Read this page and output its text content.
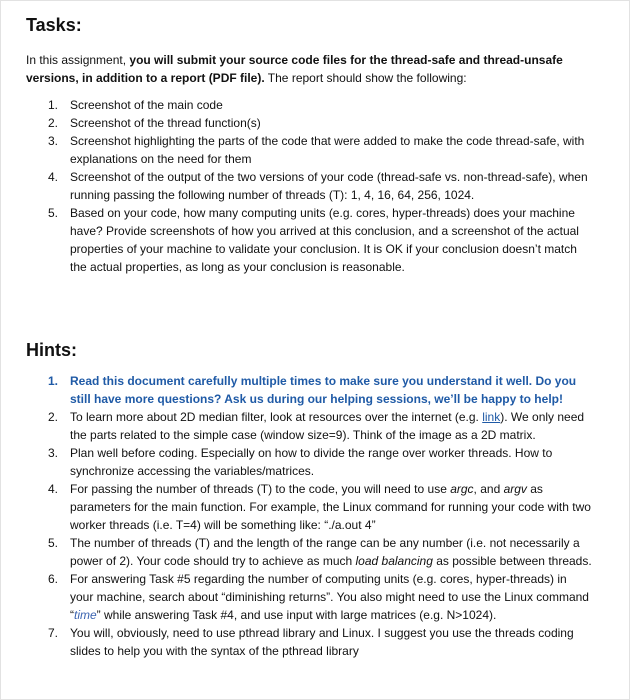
Tasks:

In this assignment, you will submit your source code files for the thread-safe and thread-unsafe versions, in addition to a report (PDF file). The report should show the following:

1. Screenshot of the main code
2. Screenshot of the thread function(s)
3. Screenshot highlighting the parts of the code that were added to make the code thread-safe, with explanations on the need for them
4. Screenshot of the output of the two versions of your code (thread-safe vs. non-thread-safe), when running passing the following number of threads (T): 1, 4, 16, 64, 256, 1024.
5. Based on your code, how many computing units (e.g. cores, hyper-threads) does your machine have? Provide screenshots of how you arrived at this conclusion, and a screenshot of the actual properties of your machine to validate your conclusion. It is OK if your conclusion doesn’t match the actual properties, as long as your conclusion is reasonable.
Hints:
1. Read this document carefully multiple times to make sure you understand it well. Do you still have more questions? Ask us during our helping sessions, we’ll be happy to help!
2. To learn more about 2D median filter, look at resources over the internet (e.g. link). We only need the parts related to the simple case (window size=9). Think of the image as a 2D matrix.
3. Plan well before coding. Especially on how to divide the range over worker threads. How to synchronize accessing the variables/matrices.
4. For passing the number of threads (T) to the code, you will need to use argc, and argv as parameters for the main function. For example, the Linux command for running your code with two worker threads (i.e. T=4) will be something like: “./a.out 4”
5. The number of threads (T) and the length of the range can be any number (i.e. not necessarily a power of 2). Your code should try to achieve as much load balancing as possible between threads.
6. For answering Task #5 regarding the number of computing units (e.g. cores, hyper-threads) in your machine, search about “diminishing returns”. You also might need to use the Linux command “time” while answering Task #4, and use input with large matrices (e.g. N>1024).
7. You will, obviously, need to use pthread library and Linux. I suggest you use the threads coding slides to help you with the syntax of the pthread library
